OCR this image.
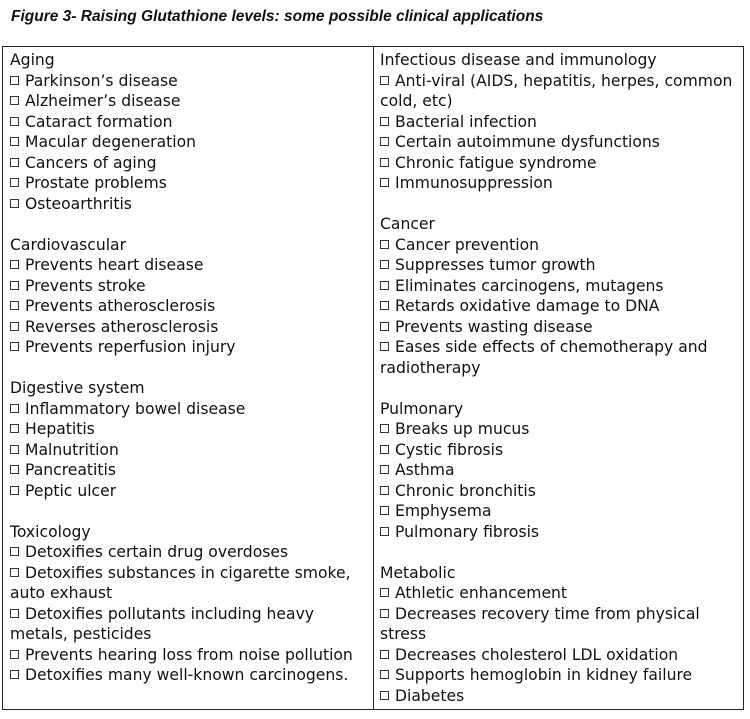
Figure 3- Raising Glutathione levels: some possible clinical applications
Aging
Parkinson’s disease
Alzheimer’s disease
Cataract formation
Macular degeneration
Cancers of aging
Prostate problems
Osteoarthritis
Cardiovascular
Prevents heart disease
Prevents stroke
Prevents atherosclerosis
Reverses atherosclerosis
Prevents reperfusion injury
Digestive system
Inflammatory bowel disease
Hepatitis
Malnutrition
Pancreatitis
Peptic ulcer
Toxicology
Detoxifies certain drug overdoses
Detoxifies substances in cigarette smoke, auto exhaust
Detoxifies pollutants including heavy metals, pesticides
Prevents hearing loss from noise pollution
Detoxifies many well-known carcinogens.
Infectious disease and immunology
Anti-viral (AIDS, hepatitis, herpes, common cold, etc)
Bacterial infection
Certain autoimmune dysfunctions
Chronic fatigue syndrome
Immunosuppression
Cancer
Cancer prevention
Suppresses tumor growth
Eliminates carcinogens, mutagens
Retards oxidative damage to DNA
Prevents wasting disease
Eases side effects of chemotherapy and radiotherapy
Pulmonary
Breaks up mucus
Cystic fibrosis
Asthma
Chronic bronchitis
Emphysema
Pulmonary fibrosis
Metabolic
Athletic enhancement
Decreases recovery time from physical stress
Decreases cholesterol LDL oxidation
Supports hemoglobin in kidney failure
Diabetes
